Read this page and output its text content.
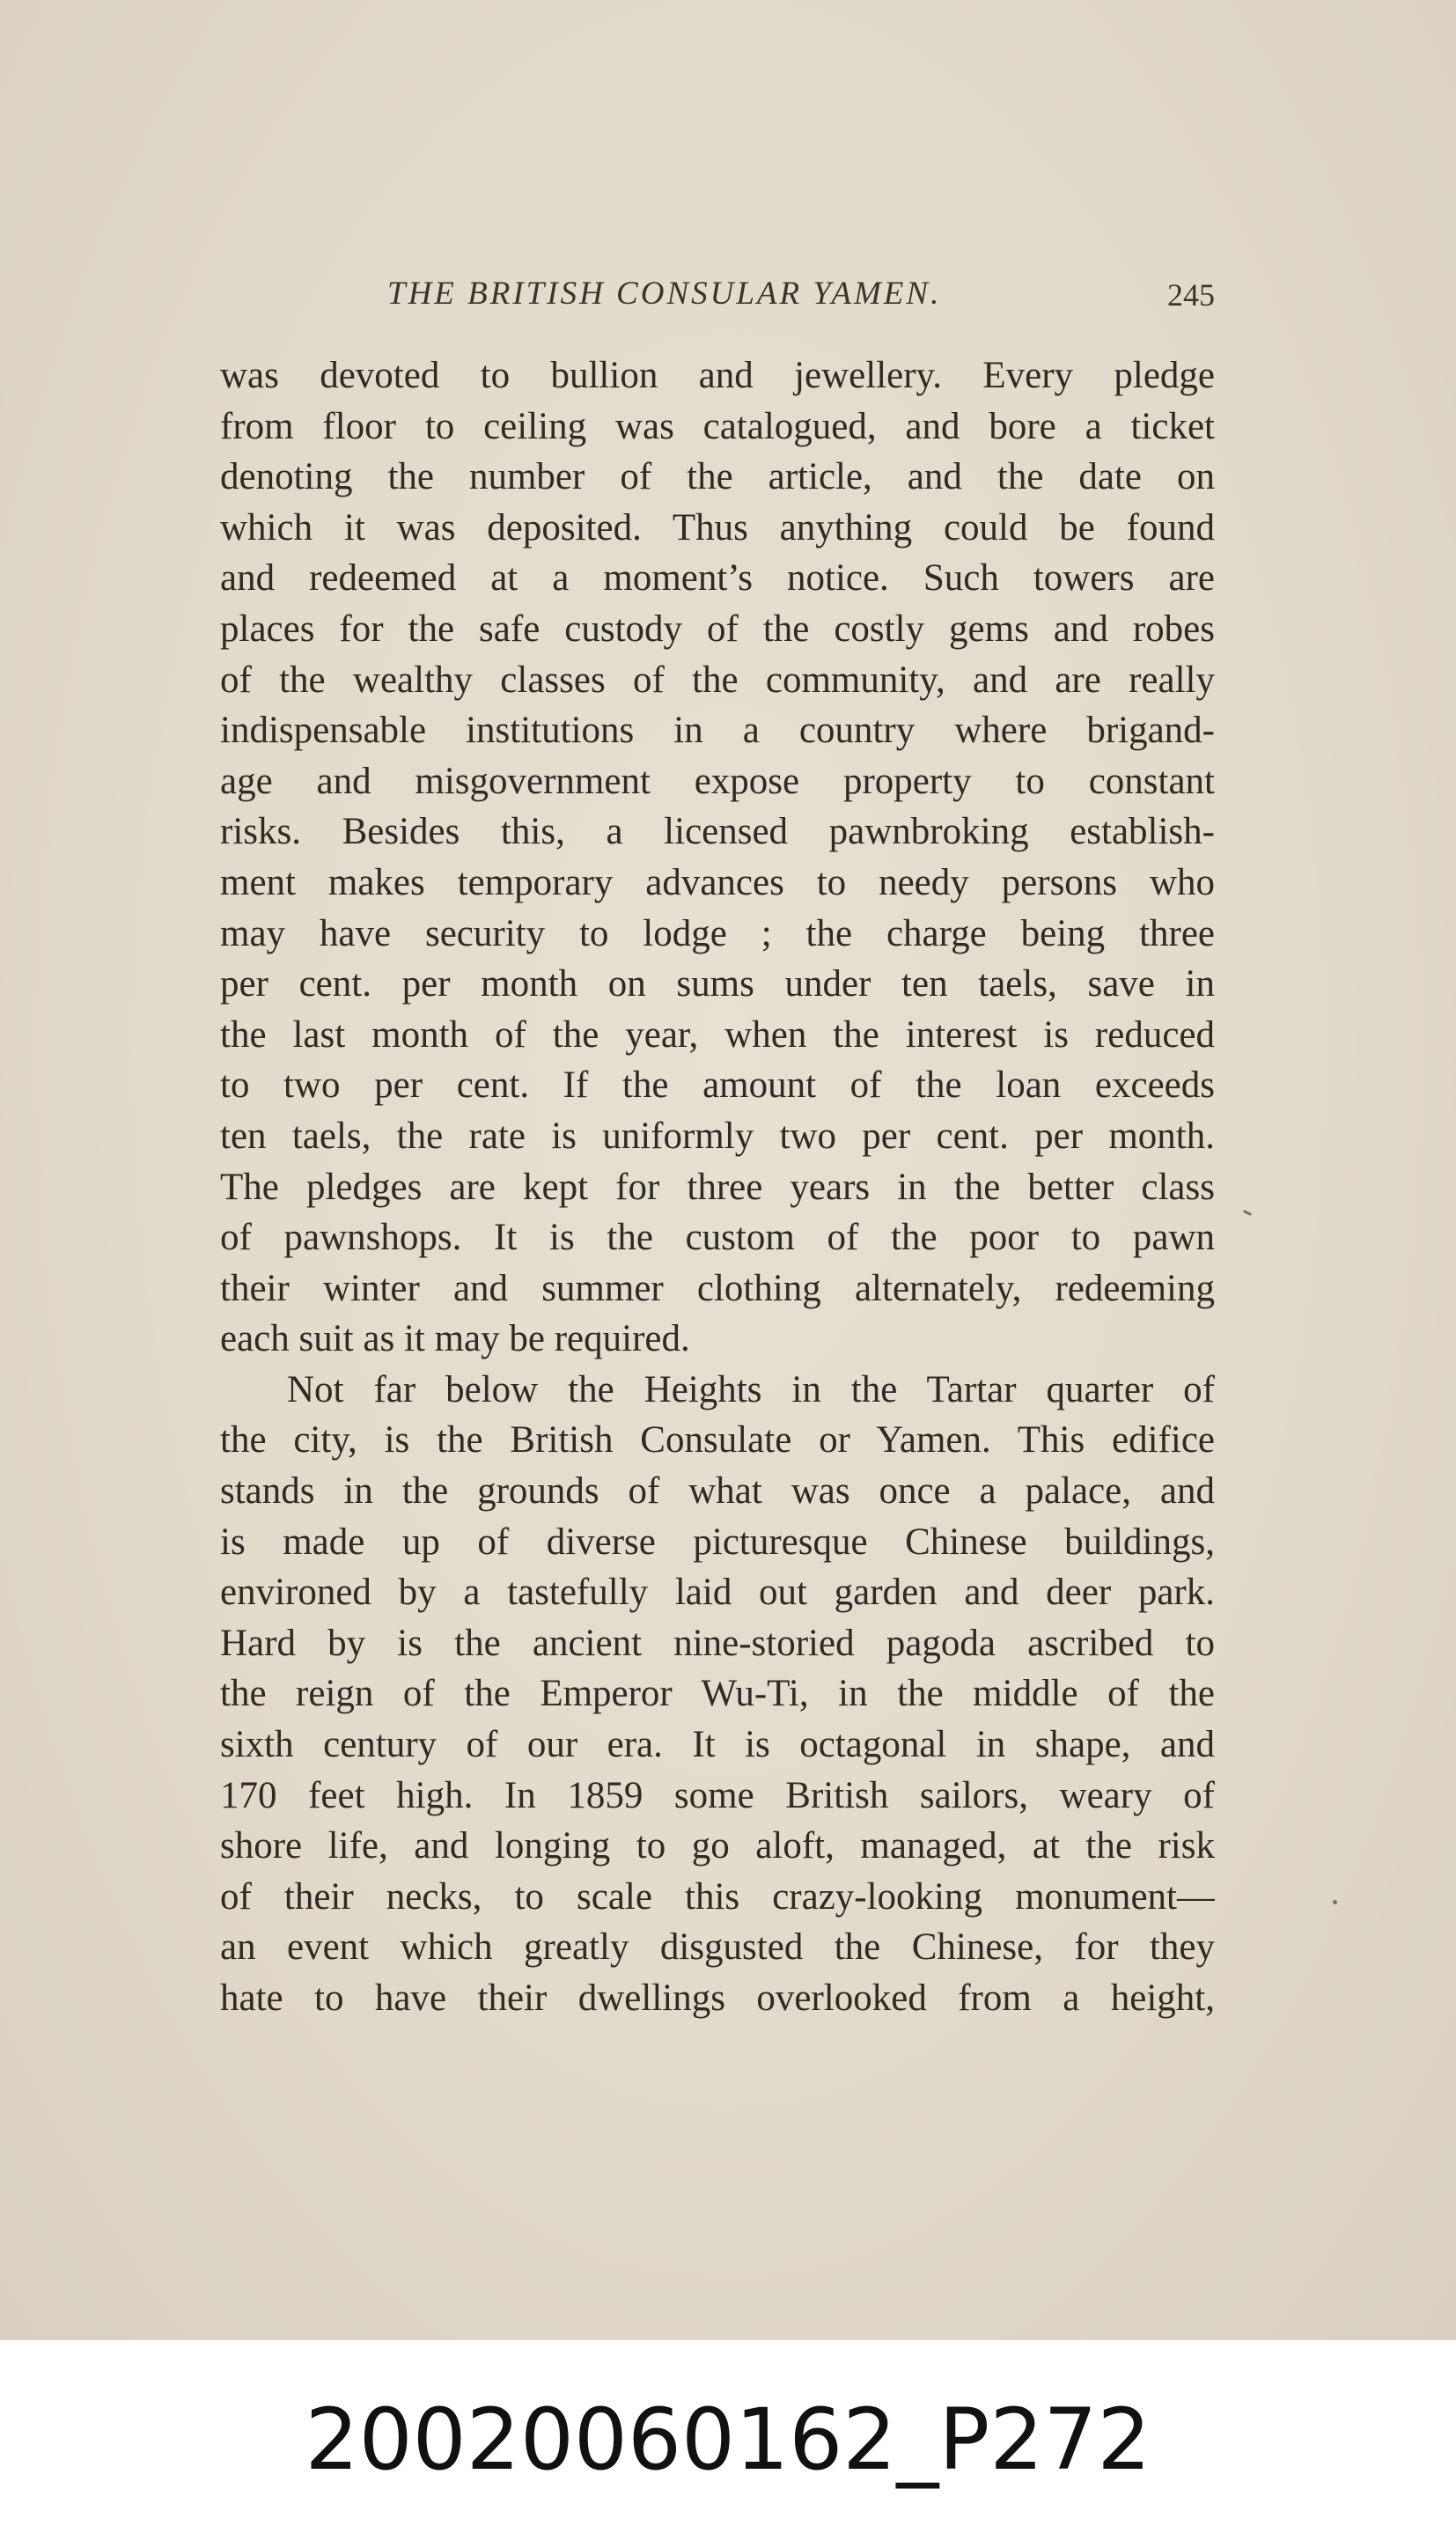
THE BRITISH CONSULAR YAMEN.	245
was devoted to bullion and jewellery. Every pledge
from floor to ceiling was catalogued, and bore a ticket
denoting the number of the article, and the date on
which it was deposited. Thus anything could be found
and redeemed at a moment’s notice. Such towers are
places for the safe custody of the costly gems and robes
of the wealthy classes of the community, and are really
indispensable institutions in a country where brigand-
age and misgovernment expose property to constant
risks. Besides this, a licensed pawnbroking establish-
ment makes temporary advances to needy persons who
may have security to lodge ; the charge being three
per cent. per month on sums under ten taels, save in
the last month of the year, when the interest is reduced
to two per cent. If the amount of the loan exceeds
ten taels, the rate is uniformly two per cent. per month.
The pledges are kept for three years in the better class
of pawnshops. It is the custom of the poor to pawn
their winter and summer clothing alternately, redeeming
each suit as it may be required.
Not far below the Heights in the Tartar quarter of
the city, is the British Consulate or Yamen. This edifice
stands in the grounds of what was once a palace, and
is made up of diverse picturesque Chinese buildings,
environed by a tastefully laid out garden and deer park.
Hard by is the ancient nine-storied pagoda ascribed to
the reign of the Emperor Wu-Ti, in the middle of the
sixth century of our era. It is octagonal in shape, and
170 feet high. In 1859 some British sailors, weary of
shore life, and longing to go aloft, managed, at the risk
of their necks, to scale this crazy-looking monument—
an event which greatly disgusted the Chinese, for they
hate to have their dwellings overlooked from a height,
20020060162_P272
